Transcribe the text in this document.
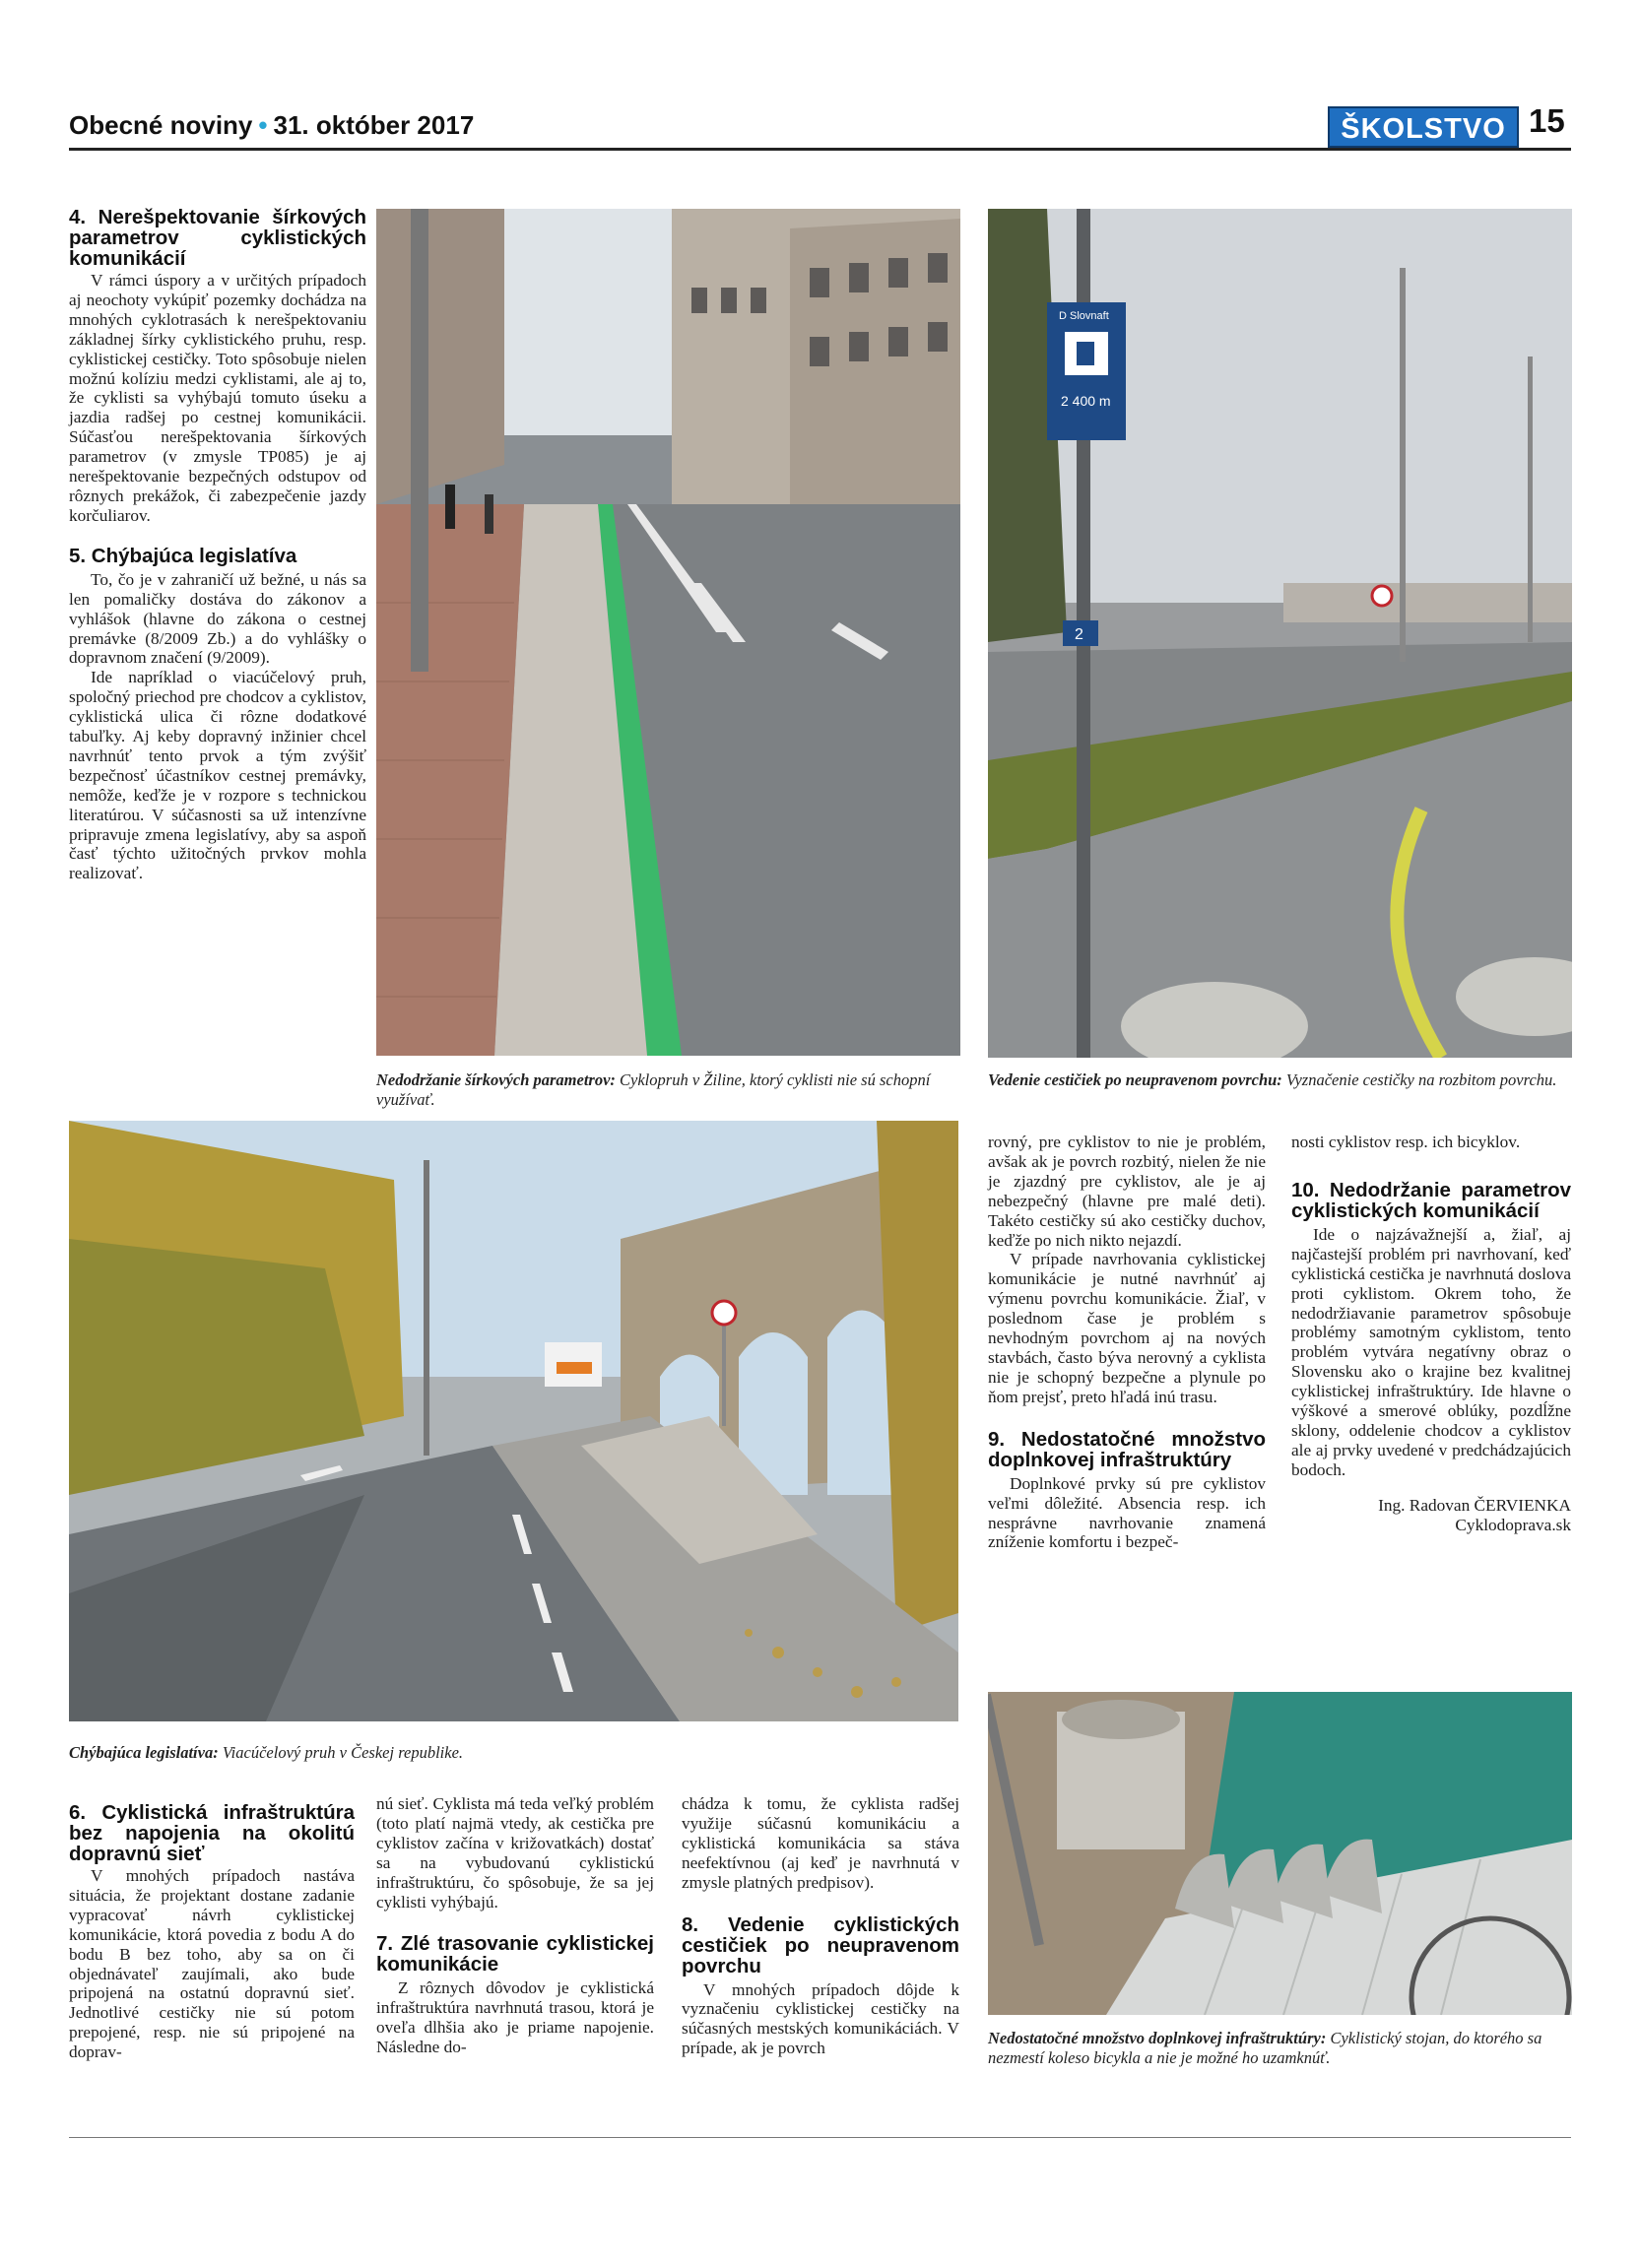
Obecné noviny • 31. október 2017	ŠKOLSTVO 15
4. Nerešpektovanie šírkových parametrov cyklistických komunikácií

V rámci úspory a v určitých prípadoch aj neochoty vykúpiť pozemky dochádza na mnohých cyklotrasách k nerešpektovaniu základnej šírky cyklistického pruhu, resp. cyklistickej cestičky. Toto spôsobuje nielen možnú kolíziu medzi cyklistami, ale aj to, že cyklisti sa vyhýbajú tomuto úseku a jazdia radšej po cestnej komunikácii. Súčasťou nerešpektovania šírkových parametrov (v zmysle TP085) je aj nerešpektovanie bezpečných odstupov od rôznych prekážok, či zabezpečenie jazdy korčuliarov.

5. Chýbajúca legislatíva

To, čo je v zahraničí už bežné, u nás sa len pomaličky dostáva do zákonov a vyhlášok (hlavne do zákona o cestnej premávke (8/2009 Zb.) a do vyhlášky o dopravnom značení (9/2009).

Ide napríklad o viacúčelový pruh, spoločný priechod pre chodcov a cyklistov, cyklistická ulica či rôzne dodatkové tabuľky. Aj keby dopravný inžinier chcel navrhnúť tento prvok a tým zvýšiť bezpečnosť účastníkov cestnej premávky, nemôže, keďže je v rozpore s technickou literatúrou. V súčasnosti sa už intenzívne pripravuje zmena legislatívy, aby sa aspoň časť týchto užitočných prvkov mohla realizovať.

D Slovnaft
2 400 m
2
Nedodržanie šírkových parametrov: Cyklopruh v Žiline, ktorý cyklisti nie sú schopní využívať.
Vedenie cestičiek po neupravenom povrchu: Vyznačenie cestičky na rozbitom povrchu.
Chýbajúca legislatíva: Viacúčelový pruh v Českej republike.

rovný, pre cyklistov to nie je problém, avšak ak je povrch rozbitý, nielen že nie je zjazdný pre cyklistov, ale je aj nebezpečný (hlavne pre malé deti). Takéto cestičky sú ako cestičky duchov, keďže po nich nikto nejazdí.

V prípade navrhovania cyklistickej komunikácie je nutné navrhnúť aj výmenu povrchu komunikácie. Žiaľ, v poslednom čase je problém s nevhodným povrchom aj na nových stavbách, často býva nerovný a cyklista nie je schopný bezpečne a plynule po ňom prejsť, preto hľadá inú trasu.

9. Nedostatočné množstvo doplnkovej infraštruktúry

Doplnkové prvky sú pre cyklistov veľmi dôležité. Absencia resp. ich nesprávne navrhovanie znamená zníženie komfortu i bezpeč-

nosti cyklistov resp. ich bicyklov.

10. Nedodržanie parametrov cyklistických komunikácií

Ide o najzávažnejší a, žiaľ, aj najčastejší problém pri navrhovaní, keď cyklistická cestička je navrhnutá doslova proti cyklistom. Okrem toho, že nedodržiavanie parametrov spôsobuje problémy samotným cyklistom, tento problém vytvára negatívny obraz o Slovensku ako o krajine bez kvalitnej cyklistickej infraštruktúry. Ide hlavne o výškové a smerové oblúky, pozdĺžne sklony, oddelenie chodcov a cyklistov ale aj prvky uvedené v predchádzajúcich bodoch.

Ing. Radovan ČERVIENKA
Cyklodoprava.sk
6. Cyklistická infraštruktúra bez napojenia na okolitú dopravnú sieť

V mnohých prípadoch nastáva situácia, že projektant dostane zadanie vypracovať návrh cyklistickej komunikácie, ktorá povedia z bodu A do bodu B bez toho, aby sa on či objednávateľ zaujímali, ako bude pripojená na ostatnú dopravnú sieť. Jednotlivé cestičky nie sú potom prepojené, resp. nie sú pripojené na doprav-

nú sieť. Cyklista má teda veľký problém (toto platí najmä vtedy, ak cestička pre cyklistov začína v križovatkách) dostať sa na vybudovanú cyklistickú infraštruktúru, čo spôsobuje, že sa jej cyklisti vyhýbajú.

7. Zlé trasovanie cyklistickej komunikácie

Z rôznych dôvodov je cyklistická infraštruktúra navrhnutá trasou, ktorá je oveľa dlhšia ako je priame napojenie. Následne do-

chádza k tomu, že cyklista radšej využije súčasnú komunikáciu a cyklistická komunikácia sa stáva neefektívnou (aj keď je navrhnutá v zmysle platných predpisov).

8. Vedenie cyklistických cestičiek po neupravenom povrchu

V mnohých prípadoch dôjde k vyznačeniu cyklistickej cestičky na súčasných mestských komunikáciách. V prípade, ak je povrch

Nedostatočné množstvo doplnkovej infraštruktúry: Cyklistický stojan, do ktorého sa nezmestí koleso bicykla a nie je možné ho uzamknúť.
